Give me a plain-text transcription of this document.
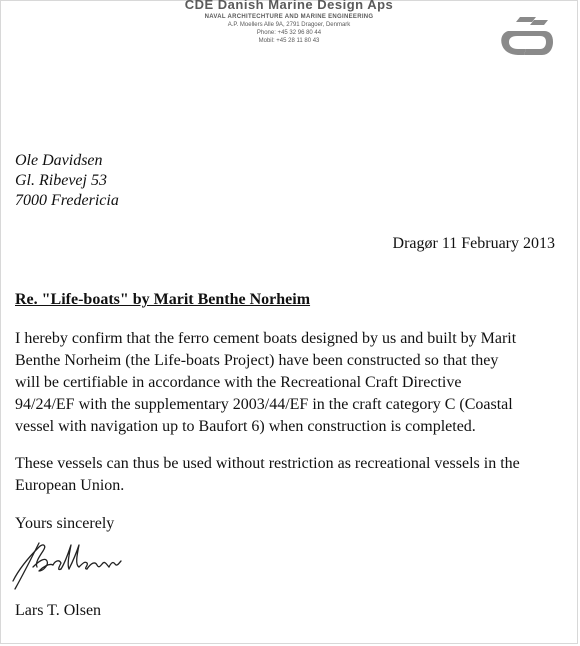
CDE Danish Marine Design Aps
NAVAL ARCHITECHTURE AND MARINE ENGINEERING
A.P. Moellers Alle 9A, 2791 Dragoer, Denmark
Phone: +45 32 96 80 44
Mobil: +45 28 11 80 43
Ole Davidsen
Gl. Ribevej 53
7000 Fredericia
Dragør 11 February 2013
Re. "Life-boats" by Marit Benthe Norheim

I hereby confirm that the ferro cement boats designed by us and built by Marit
Benthe Norheim (the Life-boats Project) have been constructed so that they
will be certifiable in accordance with the Recreational Craft Directive
94/24/EF with the supplementary 2003/44/EF in the craft category C (Coastal
vessel with navigation up to Baufort 6) when construction is completed.

These vessels can thus be used without restriction as recreational vessels in the
European Union.

Yours sincerely
Lars T. Olsen
